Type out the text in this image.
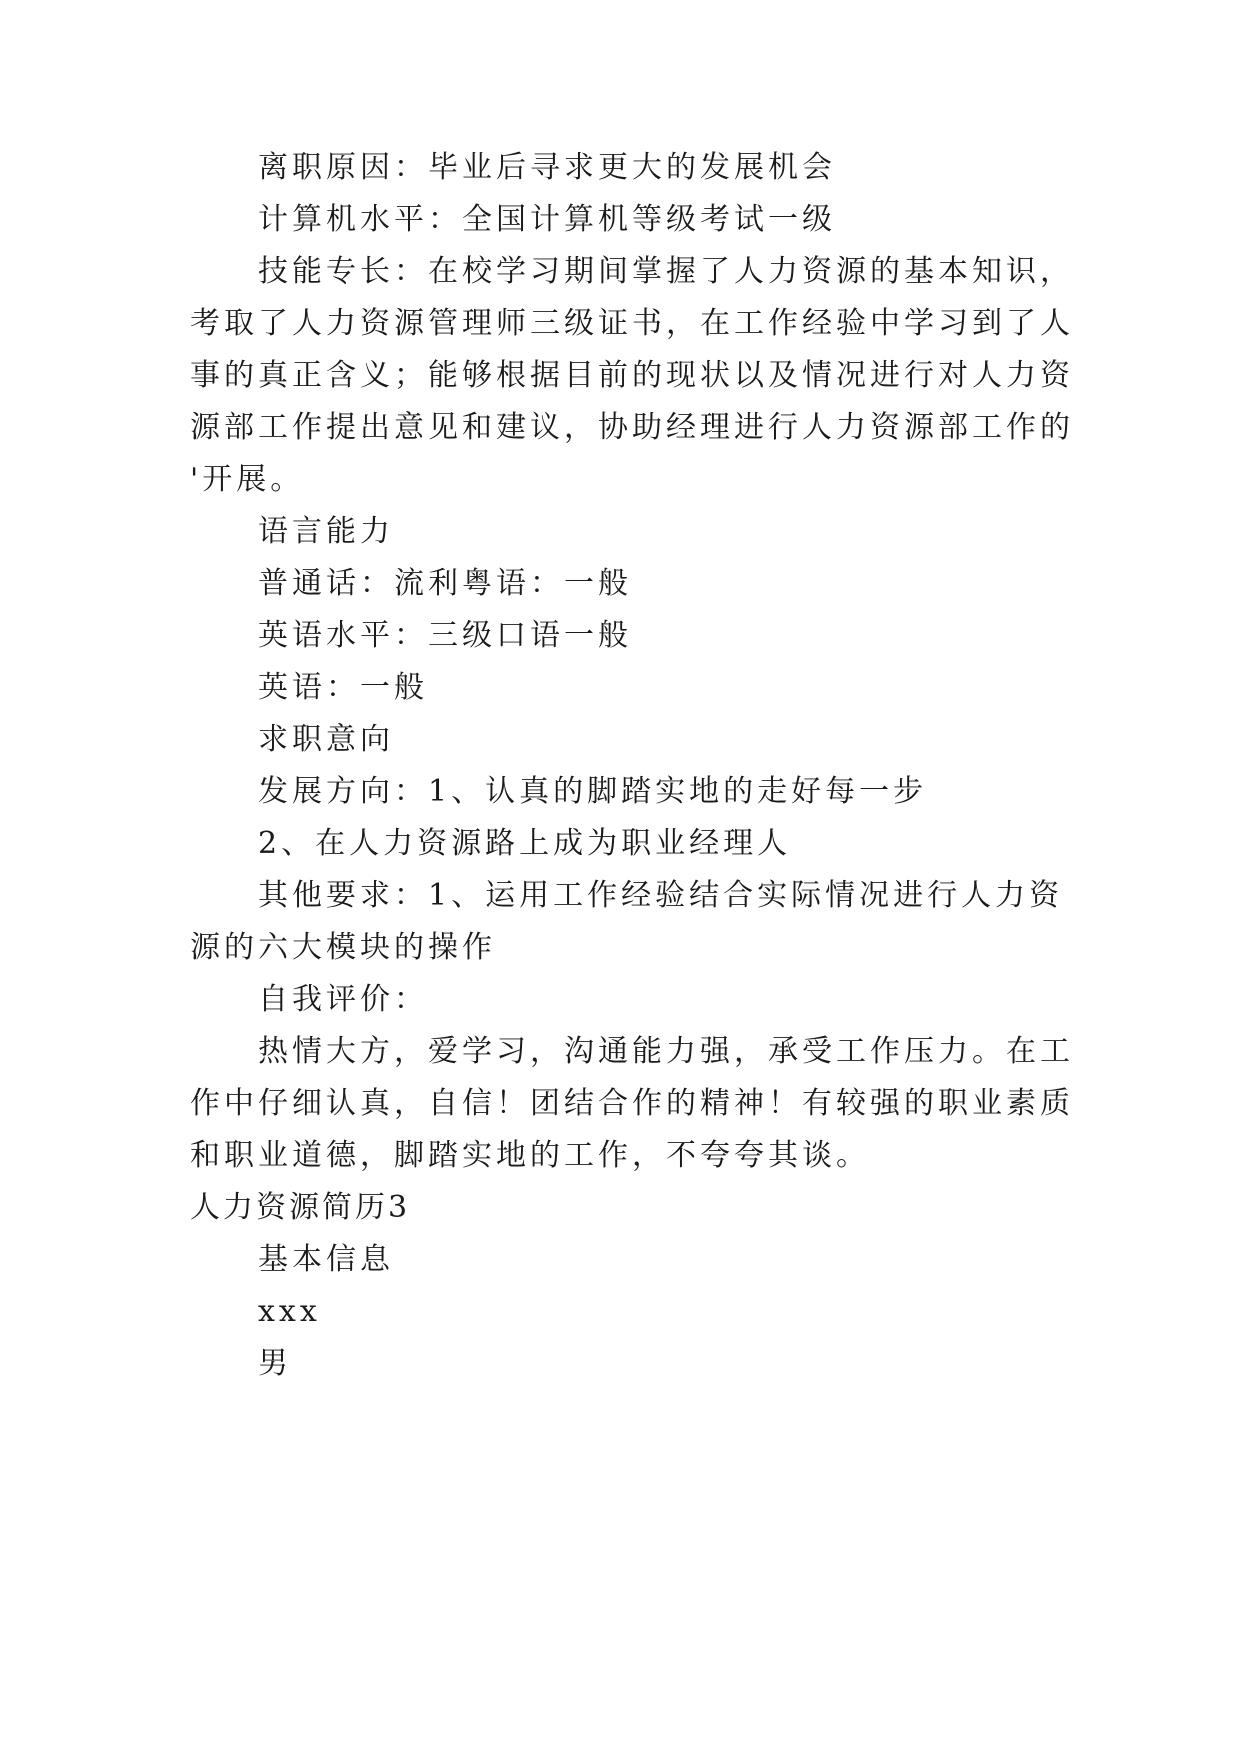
离职原因：毕业后寻求更大的发展机会
计算机水平：全国计算机等级考试一级
技能专长：在校学习期间掌握了人力资源的基本知识，
考取了人力资源管理师三级证书，在工作经验中学习到了人
事的真正含义；能够根据目前的现状以及情况进行对人力资
源部工作提出意见和建议，协助经理进行人力资源部工作的
'开展。
语言能力
普通话：流利粤语：一般
英语水平：三级口语一般
英语：一般
求职意向
发展方向：1、认真的脚踏实地的走好每一步
2、在人力资源路上成为职业经理人
其他要求：1、运用工作经验结合实际情况进行人力资
源的六大模块的操作
自我评价：
热情大方，爱学习，沟通能力强，承受工作压力。在工
作中仔细认真，自信！团结合作的精神！有较强的职业素质
和职业道德，脚踏实地的工作，不夸夸其谈。
人力资源简历3
基本信息
xxx
男
